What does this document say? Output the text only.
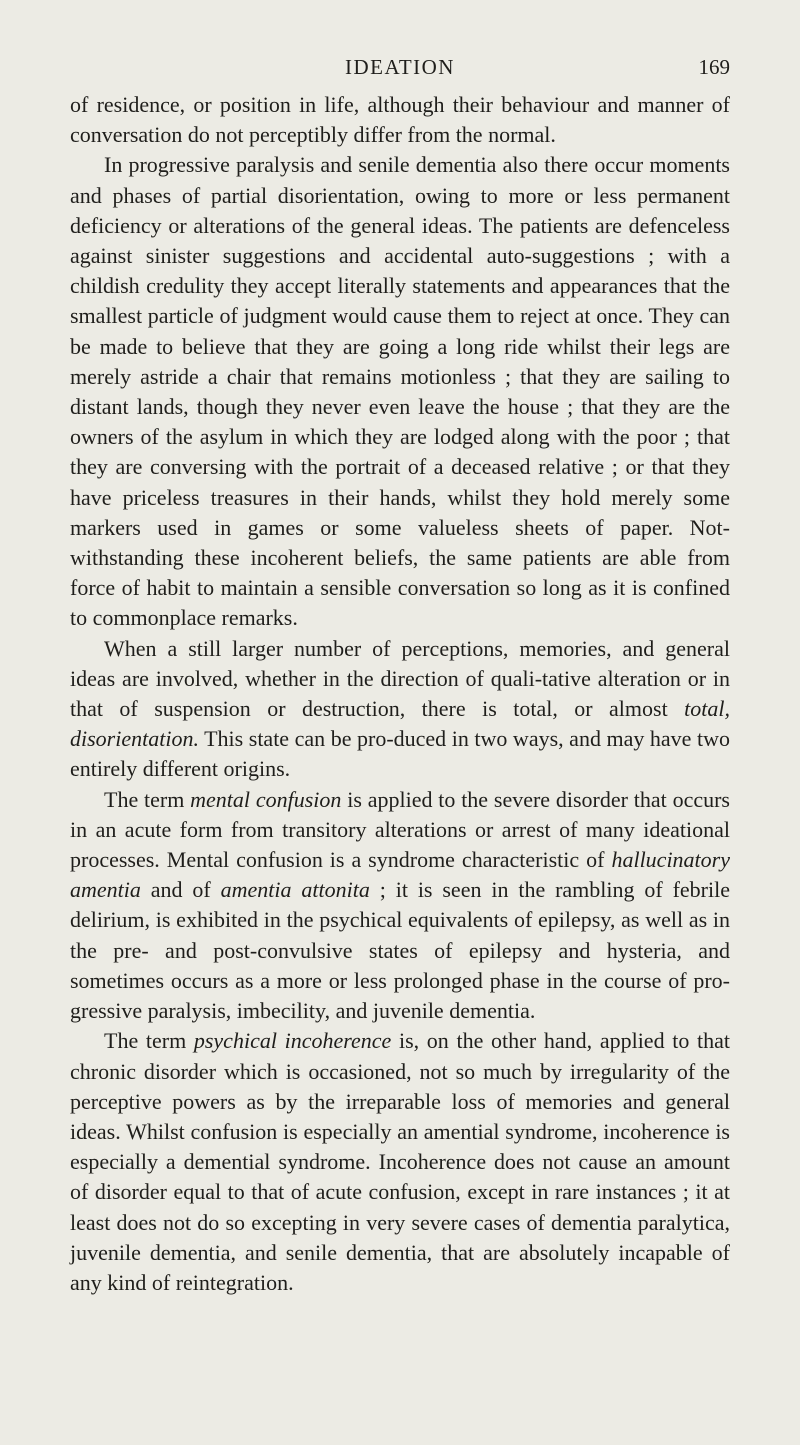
IDEATION	169

of residence, or position in life, although their behaviour and manner of conversation do not perceptibly differ from the normal.

In progressive paralysis and senile dementia also there occur moments and phases of partial disorientation, owing to more or less permanent deficiency or alterations of the general ideas. The patients are defenceless against sinister suggestions and accidental auto-suggestions ; with a childish credulity they accept literally statements and appearances that the smallest particle of judgment would cause them to reject at once. They can be made to believe that they are going a long ride whilst their legs are merely astride a chair that remains motionless ; that they are sailing to distant lands, though they never even leave the house ; that they are the owners of the asylum in which they are lodged along with the poor ; that they are conversing with the portrait of a deceased relative ; or that they have priceless treasures in their hands, whilst they hold merely some markers used in games or some valueless sheets of paper. Not-withstanding these incoherent beliefs, the same patients are able from force of habit to maintain a sensible conversation so long as it is confined to commonplace remarks.

When a still larger number of perceptions, memories, and general ideas are involved, whether in the direction of quali-tative alteration or in that of suspension or destruction, there is total, or almost total, disorientation. This state can be pro-duced in two ways, and may have two entirely different origins.

The term mental confusion is applied to the severe disorder that occurs in an acute form from transitory alterations or arrest of many ideational processes. Mental confusion is a syndrome characteristic of hallucinatory amentia and of amentia attonita ; it is seen in the rambling of febrile delirium, is exhibited in the psychical equivalents of epilepsy, as well as in the pre- and post-convulsive states of epilepsy and hysteria, and sometimes occurs as a more or less prolonged phase in the course of pro-gressive paralysis, imbecility, and juvenile dementia.

The term psychical incoherence is, on the other hand, applied to that chronic disorder which is occasioned, not so much by irregularity of the perceptive powers as by the irreparable loss of memories and general ideas. Whilst confusion is especially an amential syndrome, incoherence is especially a demential syndrome. Incoherence does not cause an amount of disorder equal to that of acute confusion, except in rare instances ; it at least does not do so excepting in very severe cases of dementia paralytica, juvenile dementia, and senile dementia, that are absolutely incapable of any kind of reintegration.
